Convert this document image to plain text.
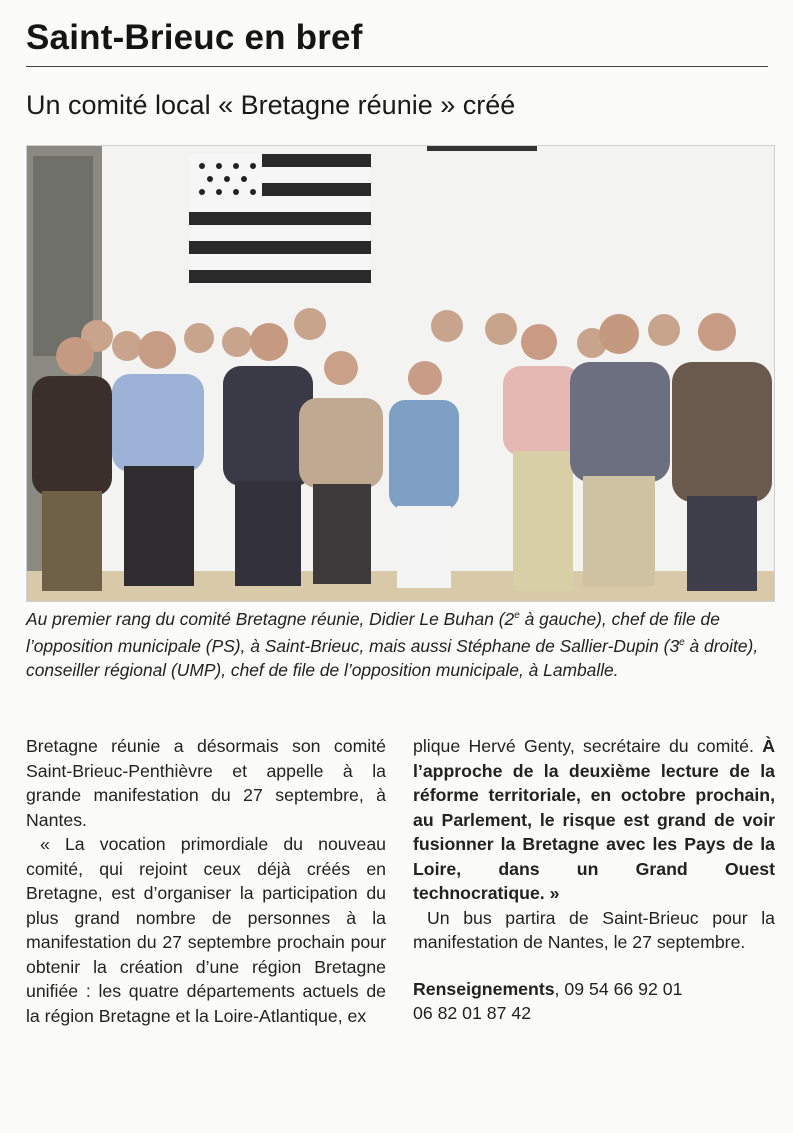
Saint-Brieuc en bref
Un comité local « Bretagne réunie » créé
Au premier rang du comité Bretagne réunie, Didier Le Buhan (2e à gauche), chef de file de l’opposition municipale (PS), à Saint-Brieuc, mais aussi Stéphane de Sallier-Dupin (3e à droite), conseiller régional (UMP), chef de file de l’opposition municipale, à Lamballe.

Bretagne réunie a désormais son comité Saint-Brieuc-Penthièvre et appelle à la grande manifestation du 27 septembre, à Nantes.

« La vocation primordiale du nouveau comité, qui rejoint ceux déjà créés en Bretagne, est d’organiser la participation du plus grand nombre de personnes à la manifestation du 27 septembre prochain pour obtenir la création d’une région Bretagne unifiée : les quatre départements actuels de la région Bretagne et la Loire-Atlantique, ex

plique Hervé Genty, secrétaire du comité. À l’approche de la deuxième lecture de la réforme territoriale, en octobre prochain, au Parlement, le risque est grand de voir fusionner la Bretagne avec les Pays de la Loire, dans un Grand Ouest technocratique. »

Un bus partira de Saint-Brieuc pour la manifestation de Nantes, le 27 septembre.

Renseignements, 09 54 66 92 01
06 82 01 87 42
